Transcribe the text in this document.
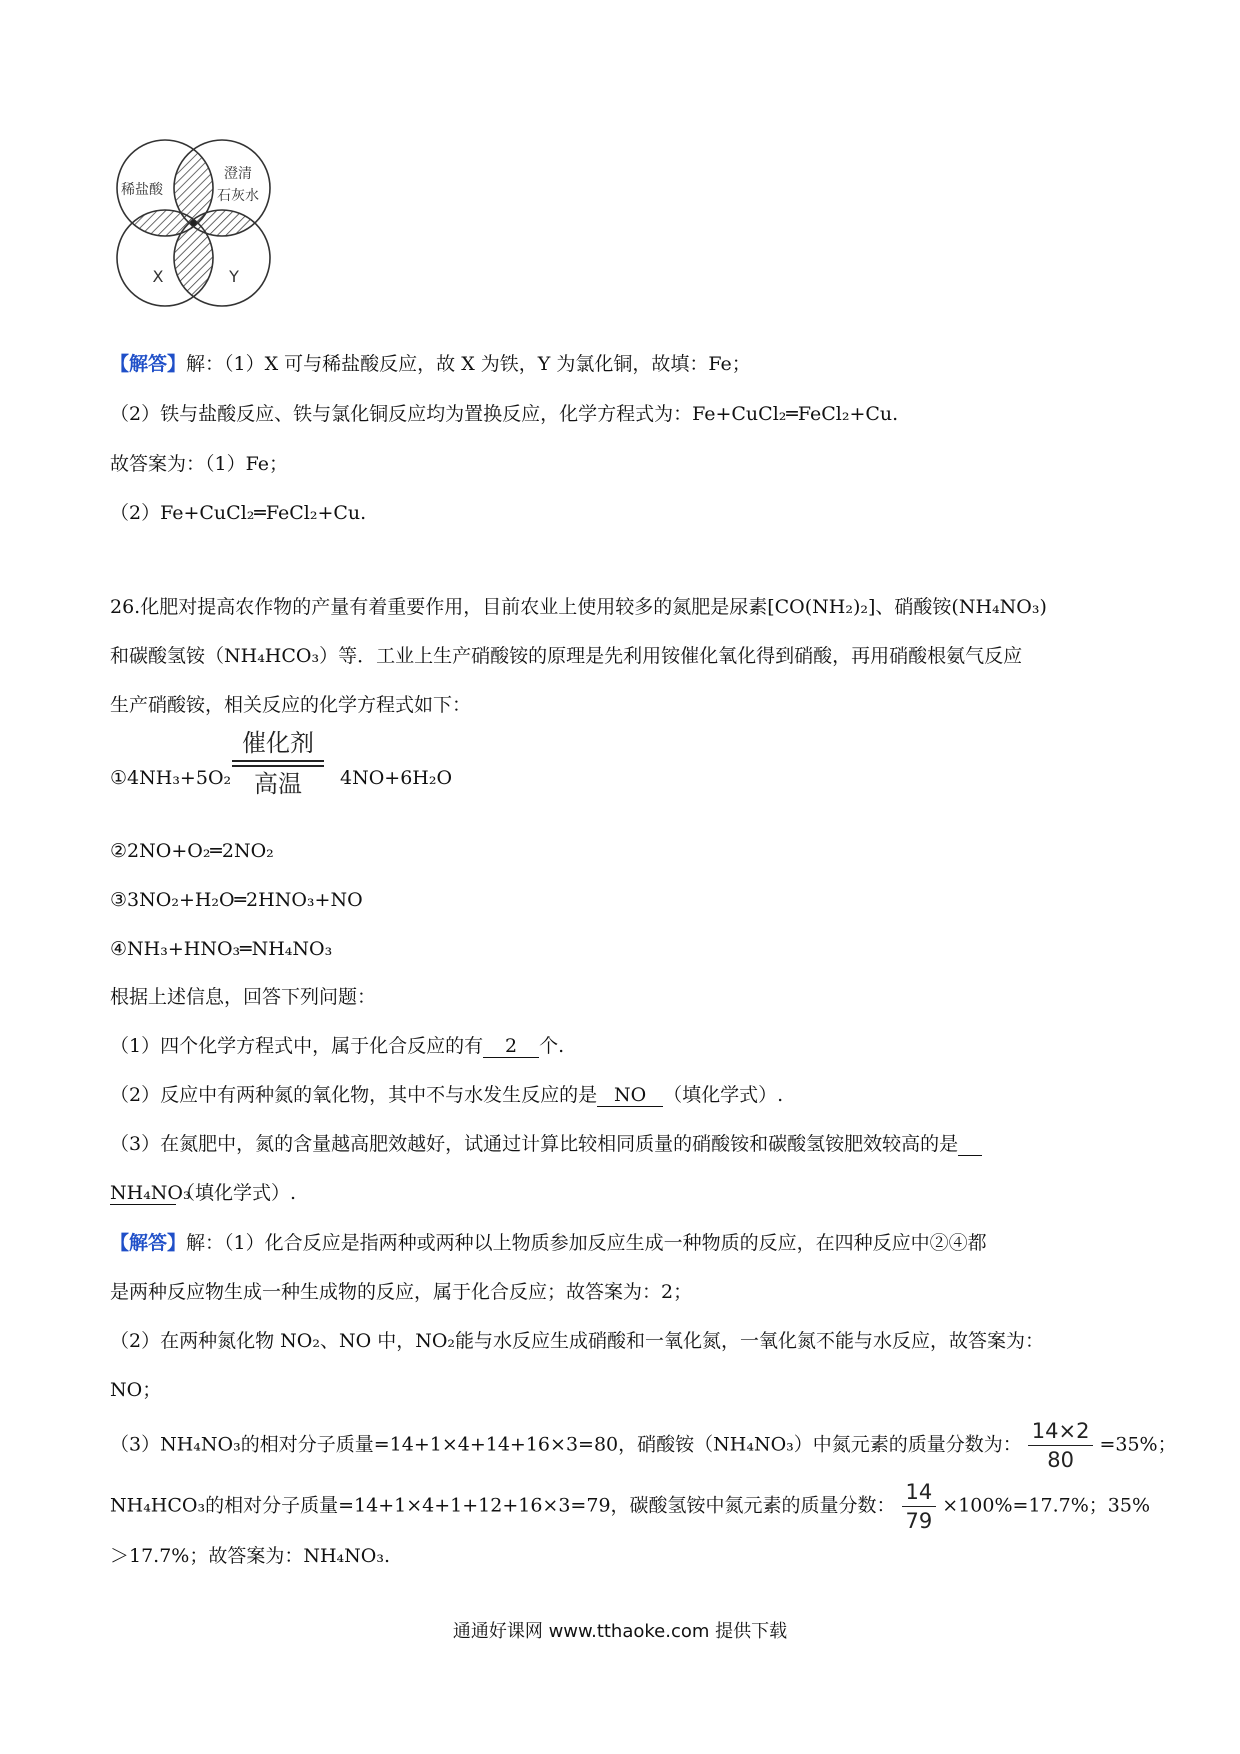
稀盐酸
澄清
石灰水
X	Y
【解答】解：（1）X 可与稀盐酸反应，故 X 为铁，Y 为氯化铜，故填：Fe；
（2）铁与盐酸反应、铁与氯化铜反应均为置换反应，化学方程式为：Fe+CuCl₂═FeCl₂+Cu.
故答案为：（1）Fe；
（2）Fe+CuCl₂═FeCl₂+Cu.
26.化肥对提高农作物的产量有着重要作用，目前农业上使用较多的氮肥是尿素[CO(NH₂)₂]、硝酸铵(NH₄NO₃)
和碳酸氢铵（NH₄HCO₃）等．工业上生产硝酸铵的原理是先利用铵催化氧化得到硝酸，再用硝酸根氨气反应
生产硝酸铵，相关反应的化学方程式如下：
①4NH₃+5O₂
催化剂
高温	4NO+6H₂O
②2NO+O₂═2NO₂
③3NO₂+H₂O═2HNO₃+NO
④NH₃+HNO₃═NH₄NO₃
根据上述信息，回答下列问题：
（1）四个化学方程式中，属于化合反应的有 2 个.
（2）反应中有两种氮的氧化物，其中不与水发生反应的是 NO （填化学式）.
（3）在氮肥中，氮的含量越高肥效越好，试通过计算比较相同质量的硝酸铵和碳酸氢铵肥效较高的是
NH₄NO₃（填化学式）.
【解答】解：（1）化合反应是指两种或两种以上物质参加反应生成一种物质的反应，在四种反应中②④都
是两种反应物生成一种生成物的反应，属于化合反应；故答案为：2；
（2）在两种氮化物 NO₂、NO 中，NO₂能与水反应生成硝酸和一氧化氮，一氧化氮不能与水反应，故答案为：
NO；
（3）NH₄NO₃的相对分子质量=14+1×4+14+16×3=80，硝酸铵（NH₄NO₃）中氮元素的质量分数为： $\frac{14\times 2}{80} =35\%$；
NH₄HCO₃的相对分子质量=14+1×4+1+12+16×3=79，碳酸氢铵中氮元素的质量分数： $\frac{14}{79} \times 100\%=17.7\%$；35%
＞17.7%；故答案为：NH₄NO₃.
通通好课网 www.tthaoke.com 提供下载
